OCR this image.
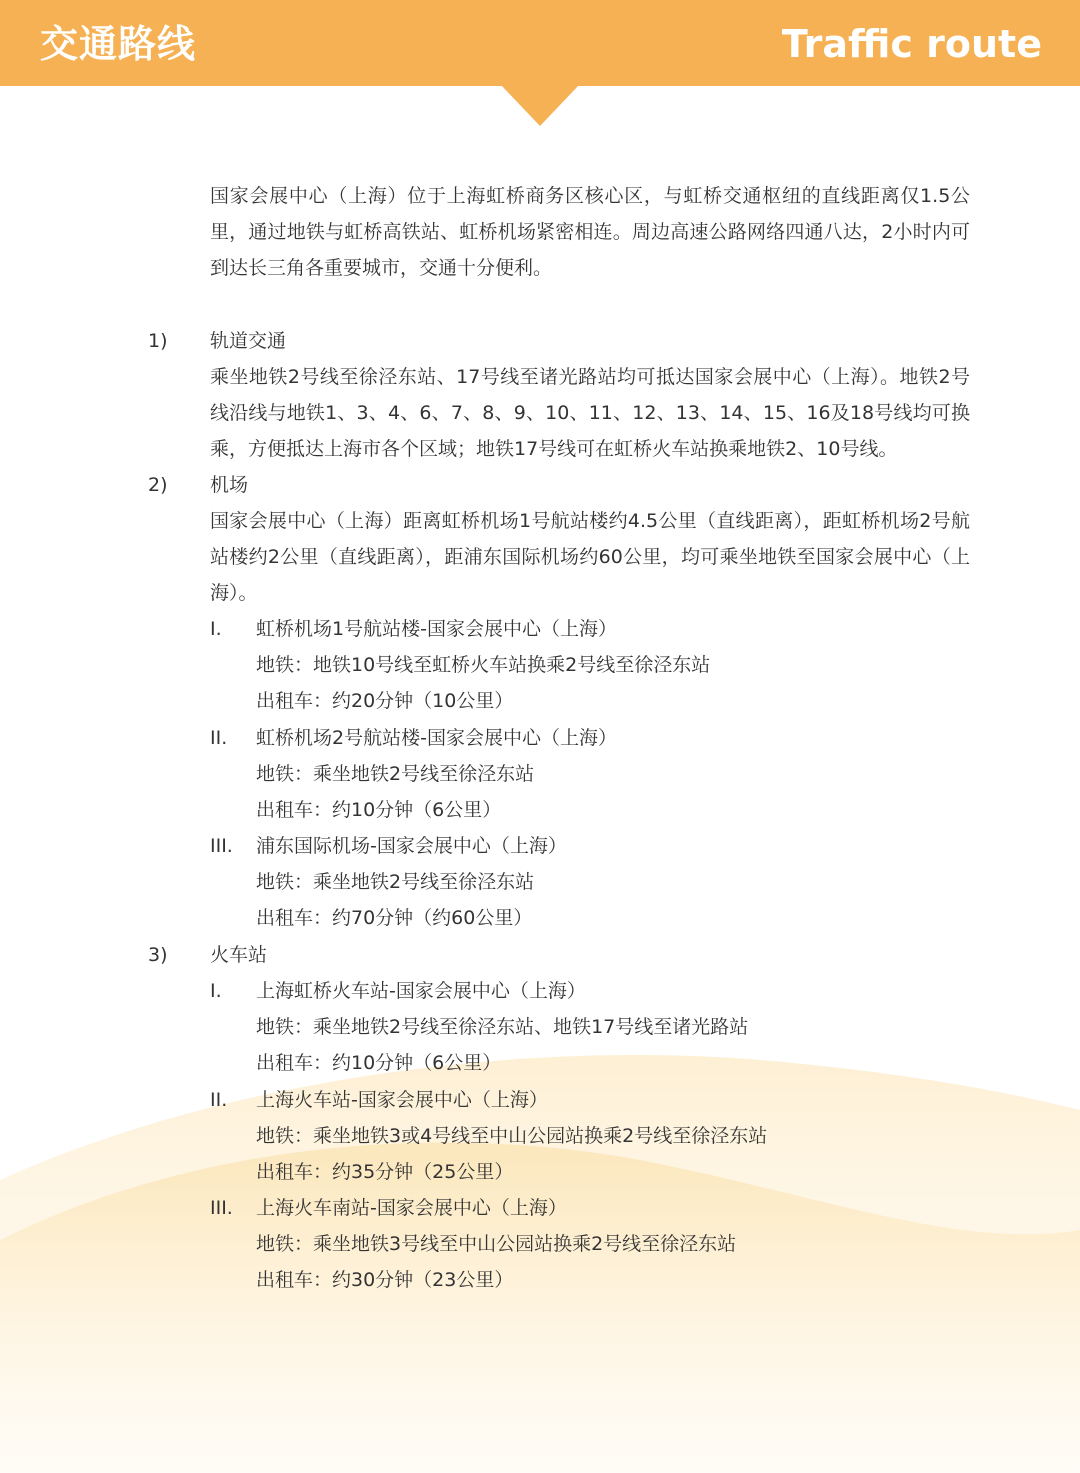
交通路线	Traffic route

国家会展中心（上海）位于上海虹桥商务区核心区，与虹桥交通枢纽的直线距离仅1.5公里，通过地铁与虹桥高铁站、虹桥机场紧密相连。周边高速公路网络四通八达，2小时内可到达长三角各重要城市，交通十分便利。

1) 轨道交通

乘坐地铁2号线至徐泾东站、17号线至诸光路站均可抵达国家会展中心（上海）。地铁2号线沿线与地铁1、3、4、6、7、8、9、10、11、12、13、14、15、16及18号线均可换乘，方便抵达上海市各个区域；地铁17号线可在虹桥火车站换乘地铁2、10号线。

2) 机场

国家会展中心（上海）距离虹桥机场1号航站楼约4.5公里（直线距离），距虹桥机场2号航站楼约2公里（直线距离），距浦东国际机场约60公里，均可乘坐地铁至国家会展中心（上海）。

I. 虹桥机场1号航站楼-国家会展中心（上海）
地铁：地铁10号线至虹桥火车站换乘2号线至徐泾东站
出租车：约20分钟（10公里）
II. 虹桥机场2号航站楼-国家会展中心（上海）
地铁：乘坐地铁2号线至徐泾东站
出租车：约10分钟（6公里）
III. 浦东国际机场-国家会展中心（上海）
地铁：乘坐地铁2号线至徐泾东站
出租车：约70分钟（约60公里）
3) 火车站
I. 上海虹桥火车站-国家会展中心（上海）
地铁：乘坐地铁2号线至徐泾东站、地铁17号线至诸光路站
出租车：约10分钟（6公里）
II. 上海火车站-国家会展中心（上海）
地铁：乘坐地铁3或4号线至中山公园站换乘2号线至徐泾东站
出租车：约35分钟（25公里）
III. 上海火车南站-国家会展中心（上海）
地铁：乘坐地铁3号线至中山公园站换乘2号线至徐泾东站
出租车：约30分钟（23公里）
